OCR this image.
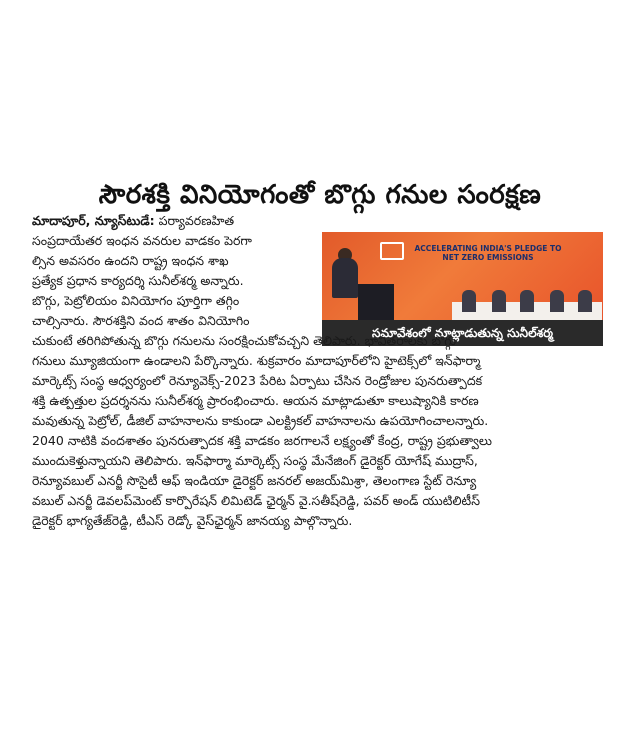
సౌరశక్తి వినియోగంతో బొగ్గు గనుల సంరక్షణ
ACCELERATING INDIA'S PLEDGE TO NET ZERO EMISSIONS
సమావేశంలో మాట్లాడుతున్న సునీల్‌శర్మ
మాదాపూర్, న్యూస్‌టుడే: పర్యావరణహిత
సంప్రదాయేతర ఇంధన వనరుల వాడకం పెరగా
ల్సిన అవసరం ఉందని రాష్ట్ర ఇంధన శాఖ
ప్రత్యేక ప్రధాన కార్యదర్శి సునీల్‌శర్మ అన్నారు.
బొగ్గు, పెట్రోలియం వినియోగం పూర్తిగా తగ్గిం
చాల్సినారు. సౌరశక్తిని వంద శాతం వినియోగిం
చుకుంటే తరిగిపోతున్న బొగ్గు గనులను సంరక్షించుకోవచ్చని తెలిపారు. భావితరాలకు బొగ్గు
గనులు మ్యూజియంగా ఉండాలని పేర్కొన్నారు. శుక్రవారం మాదాపూర్‌లోని హైటెక్స్‌లో ఇన్‌ఫార్మా
మార్కెట్స్ సంస్థ ఆధ్వర్యంలో రెన్యూవెక్స్-2023 పేరిట ఏర్పాటు చేసిన రెండ్రోజుల పునరుత్పాదక
శక్తి ఉత్పత్తుల ప్రదర్శనను సునీల్‌శర్మ ప్రారంభించారు. ఆయన మాట్లాడుతూ కాలుష్యానికి కారణ
మవుతున్న పెట్రోల్, డీజిల్ వాహనాలను కాకుండా ఎలక్ట్రికల్ వాహనాలను ఉపయోగించాలన్నారు.
2040 నాటికి వందశాతం పునరుత్పాదక శక్తి వాడకం జరగాలనే లక్ష్యంతో కేంద్ర, రాష్ట్ర ప్రభుత్వాలు
ముందుకెళ్తున్నాయని తెలిపారు. ఇన్‌ఫార్మా మార్కెట్స్ సంస్థ మేనేజింగ్ డైరెక్టర్ యోగేష్ ముద్రాస్,
రెన్యూవబుల్ ఎనర్జీ సొసైటీ ఆఫ్ ఇండియా డైరెక్టర్ జనరల్ అజయ్‌మిశ్రా, తెలంగాణ స్టేట్ రెన్యూ
వబుల్ ఎనర్జీ డెవలప్‌మెంట్ కార్పొరేషన్ లిమిటెడ్ ఛైర్మన్ వై.సతీష్‌రెడ్డి, పవర్ అండ్ యుటిలిటీస్
డైరెక్టర్ భాగ్యతేజ్‌రెడ్డి, టీఎస్ రెడ్కో వైస్‌ఛైర్మన్ జానయ్య పాల్గొన్నారు.
